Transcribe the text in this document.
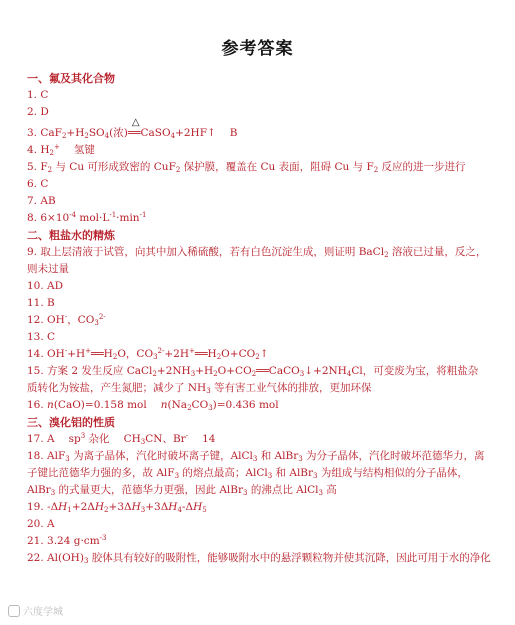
参考答案
一、氟及其化合物
1. C
2. D
3. $CaF_2+H_2SO_4$(浓)
△
══CaSO$_4$+2HF↑ B
4. $H_2^+$ 氢键
5. $F_2$ 与 Cu 可形成致密的 CuF$_2$ 保护膜，覆盖在 Cu 表面，阻碍 Cu 与 $F_2$ 反应的进一步进行
6. C
7. AB
8. $6\times 10^{-4}$ $mol\cdot L^{-1}\cdot\min^{-1}$
二、粗盐水的精炼
9. 取上层清液于试管，向其中加入稀硫酸，若有白色沉淀生成，则证明 BaCl$_2$ 溶液已过量，反之，则未过量
10. AD
11. B
12. OH-，$CO_3^{2-}$
13. C
14. $OH^-+H^+══H_2O$，$CO_3^{2-}+2H^+══H_2O+CO_2↑$
15. 方案 2 发生反应 $CaCl_2+2NH_3+H_2O+CO_2══CaCO_3↓+2NH_4Cl$，可变废为宝，将粗盐杂质转化为铵盐，产生氮肥；减少了 $NH_3$ 等有害工业气体的排放，更加环保
16. n(CaO)=0.158 mol $n(Na_2CO_3)=0.436$ mol
三、溴化铝的性质
17. A $sp^3$ 杂化 $CH_3CN$、Br- 14
18. AlF$_3$ 为离子晶体，汽化时破坏离子键，AlCl$_3$ 和 AlBr$_3$ 为分子晶体，汽化时破坏范德华力，离子键比范德华力强的多，故 AlF$_3$ 的熔点最高；AlCl$_3$ 和 AlBr$_3$ 为组成与结构相似的分子晶体，AlBr$_3$ 的式量更大，范德华力更强，因此 AlBr$_3$ 的沸点比 AlCl$_3$ 高
19. $-\Delta H_1+2\Delta H_2+3\Delta H_3+3\Delta H_4-\Delta H_5$
20. A
21. 3.24 $g\cdot cm^{-3}$
22. $Al(OH)_3$ 胶体具有较好的吸附性，能够吸附水中的悬浮颗粒物并使其沉降，因此可用于水的净化
六度学城
